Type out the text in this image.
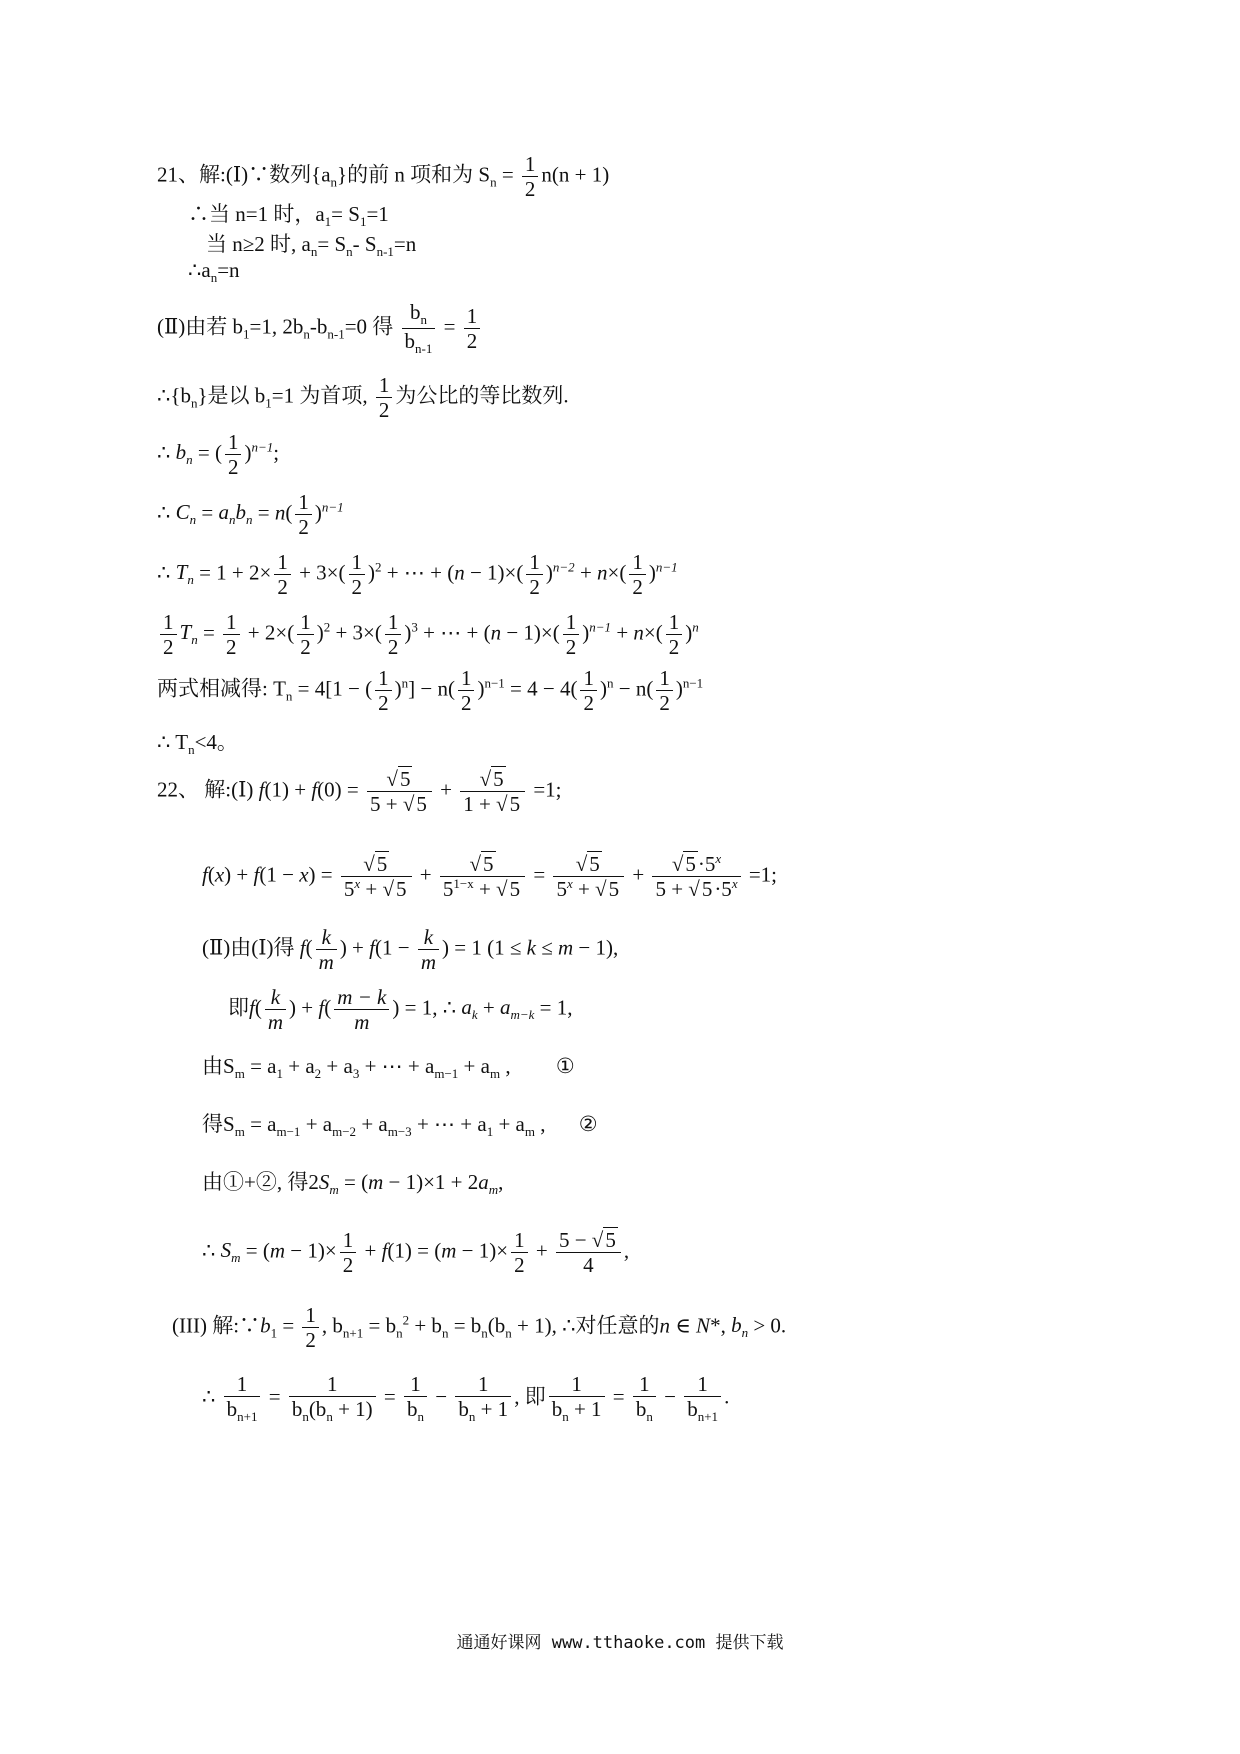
21、解:(Ⅰ)∵数列$\{a_n\}$的前 n 项和为 $S_n = \frac{1}{2} n(n + 1)$
∴当 n=1 时，$a_1= S_1=1$
当 n≥2 时, $a_n= S_n-$ $S_{n-1}=n$
$\therefore a_n=n$
(Ⅱ)由若 $b_1=1$, $2b_n-b_{n-1}=0$ 得 $\frac{b_n}{b_{n-1}} = \frac{1}{2}$
$\therefore\{b_n\}$是以 $b_1=1$ 为首项, $\frac{1}{2}$ 为公比的等比数列.
∴ $b_n$ = ( $\frac{1}{2} )^{n-1}$;
∴ $C_n = a_nb_n = n( \frac{1}{2} )^{n-1}$
∴ $T_n = 1 + 2\times \frac{1}{2} + 3\times( \frac{1}{2} )^2$ + ⋯ + $(n - 1)\times( \frac{1}{2} )^{n-2} + n\times( \frac{1}{2} )^{n-1}$
$\frac{1}{2} T_n = \frac{1}{2} + 2\times( \frac{1}{2} )^2 + 3\times( \frac{1}{2} )^3$ + ⋯ + $(n - 1)\times( \frac{1}{2} )^{n-1} + n\times( \frac{1}{2} )^n$
两式相减得: $T_n = 4[1$ − ( $\frac{1}{2} )^n] - n( \frac{1}{2} )^{n-1} = 4 - 4( \frac{1}{2} )^n - n( \frac{1}{2} )^{n-1}$
∴ $T_n<4$。
22、 解:(Ⅰ) $f(1) + f(0) = \frac{√5}{5 + √5} + \frac{√5}{1 + √5} =1$;
$f(x) + f(1 - x) = \frac{√5}{5^x + √5} + \frac{√5}{5^{1-x} + √5} = \frac{√5}{5^x + √5} + \frac{√5\cdot 5^x}{5 + √5\cdot 5^x} =1$;
(Ⅱ)由(Ⅰ)得 $f( \frac{k}{m}$ ) + $f(1 - \frac{k}{m}$ ) = 1 (1 ≤ k ≤ m − 1),
即$f( \frac{k}{m}$ ) + $f( \frac{m - k}{m}$ ) = 1, ∴ $a_k + a_{m-k} = 1$,
由$S_m = a_1 + a_2 + a_3$ + ⋯ + $a_{m-1} + a_m$ , ①
得$S_m = a_{m-1} + a_{m-2} + a_{m-3}$ + ⋯ + $a_1 + a_m$ , ②
由①+②, 得$2S_m = (m - 1)\times 1 + 2a_m$,
∴ $S_m = (m - 1)\times \frac{1}{2} + f(1) = (m - 1)\times \frac{1}{2} + \frac{5 - √5}{4}$ ,
(III) 解$:\because b_1 = \frac{1}{2}$ , $b_{n+1} = b_n^2 + b_n = b_n(b_n + 1)$, ∴对任意的n ∈ N*, $b_n > 0$.
∴ $\frac{1}{b_{n+1}} = \frac{1}{b_n(b_n + 1)} = \frac{1}{b_n} - \frac{1}{b_n + 1}$ , 即 $\frac{1}{b_n + 1} = \frac{1}{b_n} - \frac{1}{b_{n+1}}$ .
通通好课网 www.tthaoke.com 提供下载
